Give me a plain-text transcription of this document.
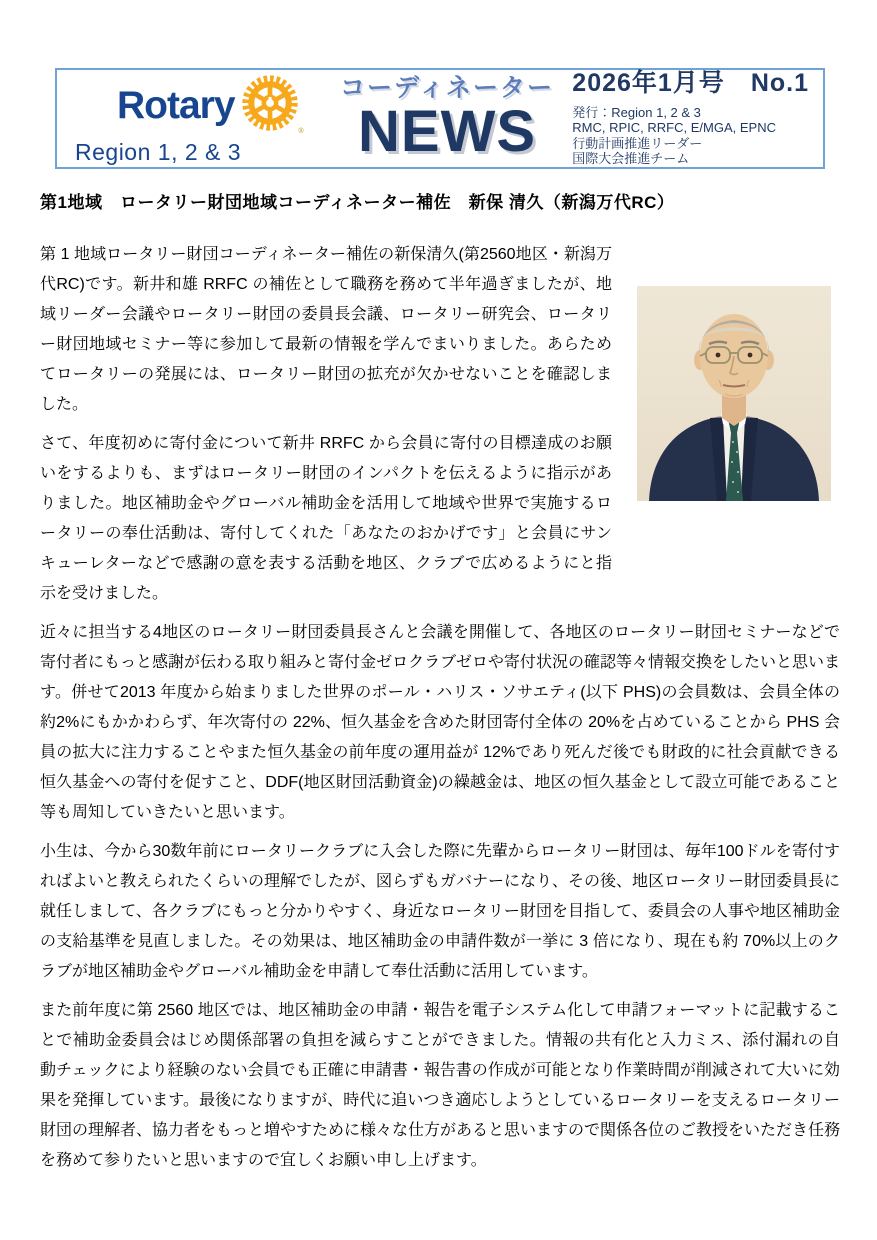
Rotary
®
Region 1, 2 & 3
コーディネーター
NEWS
2026年1月号　No.1
発行：Region 1, 2 & 3
RMC, RPIC, RRFC, E/MGA, EPNC
行動計画推進リーダー
国際大会推進チーム
第1地域　ロータリー財団地域コーディネーター補佐　新保 清久（新潟万代RC）

第 1 地域ロータリー財団コーディネーター補佐の新保清久(第2560地区・新潟万代RC)です。新井和雄 RRFC の補佐として職務を務めて半年過ぎましたが、地域リーダー会議やロータリー財団の委員長会議、ロータリー研究会、ロータリー財団地域セミナー等に参加して最新の情報を学んでまいりました。あらためてロータリーの発展には、ロータリー財団の拡充が欠かせないことを確認しました。

さて、年度初めに寄付金について新井 RRFC から会員に寄付の目標達成のお願いをするよりも、まずはロータリー財団のインパクトを伝えるように指示がありました。地区補助金やグローバル補助金を活用して地域や世界で実施するロータリーの奉仕活動は、寄付してくれた「あなたのおかげです」と会員にサンキューレターなどで感謝の意を表する活動を地区、クラブで広めるようにと指示を受けました。

近々に担当する4地区のロータリー財団委員長さんと会議を開催して、各地区のロータリー財団セミナーなどで寄付者にもっと感謝が伝わる取り組みと寄付金ゼロクラブゼロや寄付状況の確認等々情報交換をしたいと思います。併せて2013 年度から始まりました世界のポール・ハリス・ソサエティ(以下 PHS)の会員数は、会員全体の約2%にもかかわらず、年次寄付の 22%、恒久基金を含めた財団寄付全体の 20%を占めていることから PHS 会員の拡大に注力することやまた恒久基金の前年度の運用益が 12%であり死んだ後でも財政的に社会貢献できる恒久基金への寄付を促すこと、DDF(地区財団活動資金)の繰越金は、地区の恒久基金として設立可能であること等も周知していきたいと思います。

小生は、今から30数年前にロータリークラブに入会した際に先輩からロータリー財団は、毎年100ドルを寄付すればよいと教えられたくらいの理解でしたが、図らずもガバナーになり、その後、地区ロータリー財団委員長に就任しまして、各クラブにもっと分かりやすく、身近なロータリー財団を目指して、委員会の人事や地区補助金の支給基準を見直しました。その効果は、地区補助金の申請件数が一挙に 3 倍になり、現在も約 70%以上のクラブが地区補助金やグローバル補助金を申請して奉仕活動に活用しています。

また前年度に第 2560 地区では、地区補助金の申請・報告を電子システム化して申請フォーマットに記載することで補助金委員会はじめ関係部署の負担を減らすことができました。情報の共有化と入力ミス、添付漏れの自動チェックにより経験のない会員でも正確に申請書・報告書の作成が可能となり作業時間が削減されて大いに効果を発揮しています。最後になりますが、時代に追いつき適応しようとしているロータリーを支えるロータリー財団の理解者、協力者をもっと増やすために様々な仕方があると思いますので関係各位のご教授をいただき任務を務めて参りたいと思いますので宜しくお願い申し上げます。
